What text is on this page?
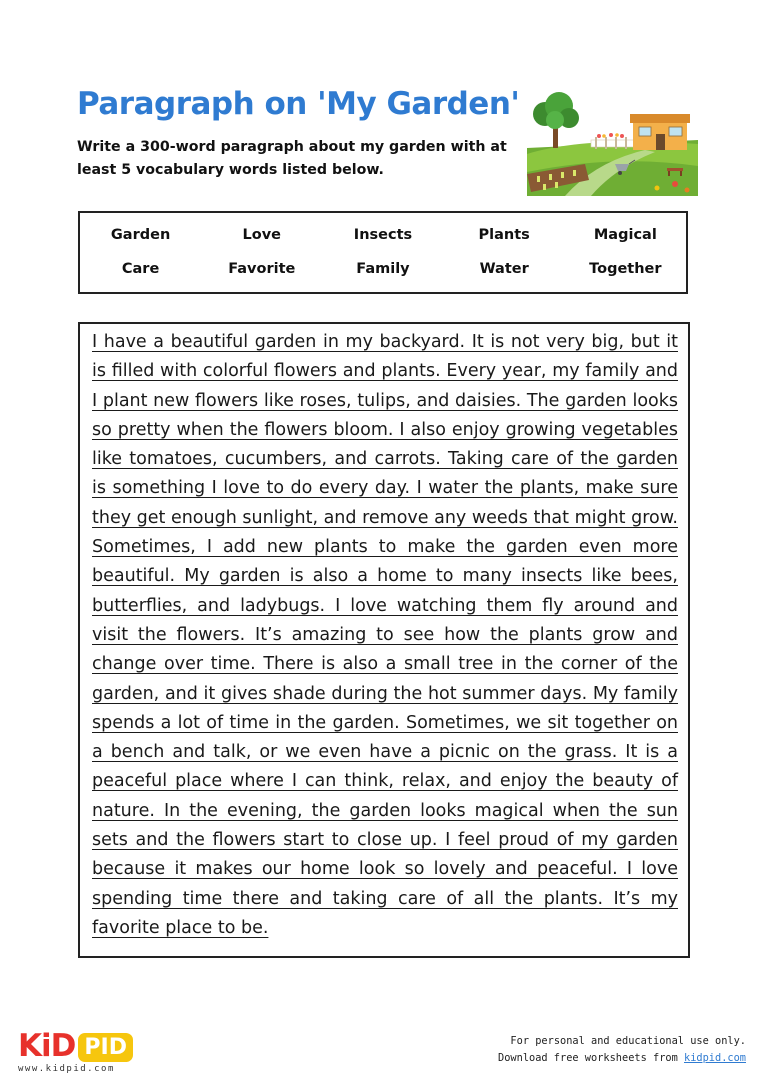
Paragraph on 'My Garden'

Write a 300-word paragraph about my garden with at least 5 vocabulary words listed below.

Garden	Love	Insects	Plants	Magical
Care	Favorite	Family	Water	Together

I have a beautiful garden in my backyard. It is not very big, but it is filled with colorful flowers and plants. Every year, my family and I plant new flowers like roses, tulips, and daisies. The garden looks so pretty when the flowers bloom. I also enjoy growing vegetables like tomatoes, cucumbers, and carrots. Taking care of the garden is something I love to do every day. I water the plants, make sure they get enough sunlight, and remove any weeds that might grow. Sometimes, I add new plants to make the garden even more beautiful. My garden is also a home to many insects like bees, butterflies, and ladybugs. I love watching them fly around and visit the flowers. It’s amazing to see how the plants grow and change over time. There is also a small tree in the corner of the garden, and it gives shade during the hot summer days. My family spends a lot of time in the garden. Sometimes, we sit together on a bench and talk, or we even have a picnic on the grass. It is a peaceful place where I can think, relax, and enjoy the beauty of nature. In the evening, the garden looks magical when the sun sets and the flowers start to close up. I feel proud of my garden because it makes our home look so lovely and peaceful. I love spending time there and taking care of all the plants. It’s my favorite place to be.

KiD PID
www.kidpid.com
For personal and educational use only.
Download free worksheets from kidpid.com
